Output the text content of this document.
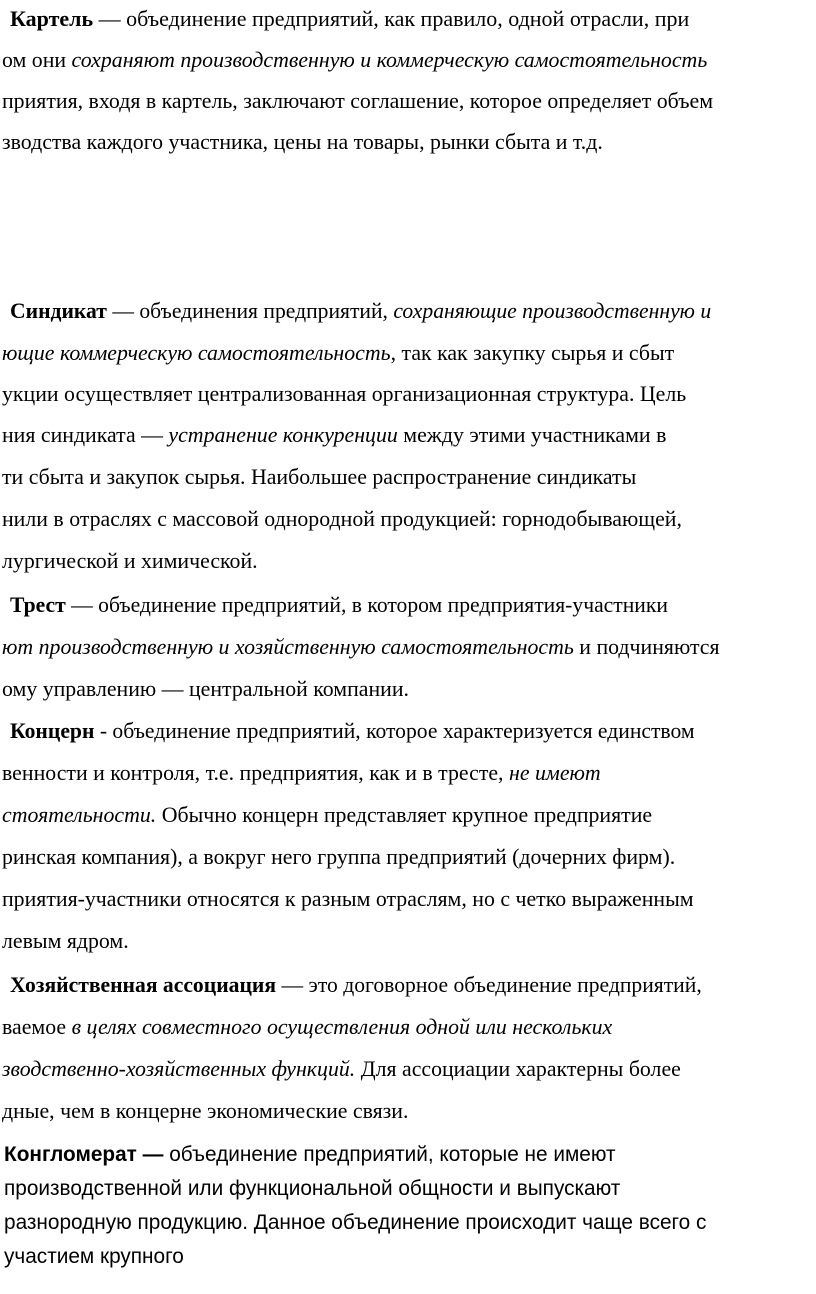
Картель — объединение предприятий, как правило, одной отрасли, при
ом они сохраняют производственную и коммерческую самостоятельность
приятия, входя в картель, заключают соглашение, которое определяет объем
зводства каждого участника, цены на товары, рынки сбыта и т.д.
Синдикат — объединения предприятий, сохраняющие производственную и
ющие коммерческую самостоятельность, так как закупку сырья и сбыт
укции осуществляет централизованная организационная структура. Цель
ния синдиката — устранение конкуренции между этими участниками в
ти сбыта и закупок сырья. Наибольшее распространение синдикаты
нили в отраслях с массовой однородной продукцией: горнодобывающей,
лургической и химической.
Трест — объединение предприятий, в котором предприятия-участники
ют производственную и хозяйственную самостоятельность и подчиняются
ому управлению — центральной компании.
Концерн - объединение предприятий, которое характеризуется единством
венности и контроля, т.е. предприятия, как и в тресте, не имеют
стоятельности. Обычно концерн представляет крупное предприятие
ринская компания), а вокруг него группа предприятий (дочерних фирм).
приятия-участники относятся к разным отраслям, но с четко выраженным
левым ядром.
Хозяйственная ассоциация — это договорное объединение предприятий,
ваемое в целях совместного осуществления одной или нескольких
зводственно-хозяйственных функций. Для ассоциации характерны более
дные, чем в концерне экономические связи.
Конгломерат — объединение предприятий, которые не имеют
производственной или функциональной общности и выпускают
разнородную продукцию. Данное объединение происходит чаще всего с
участием крупного
